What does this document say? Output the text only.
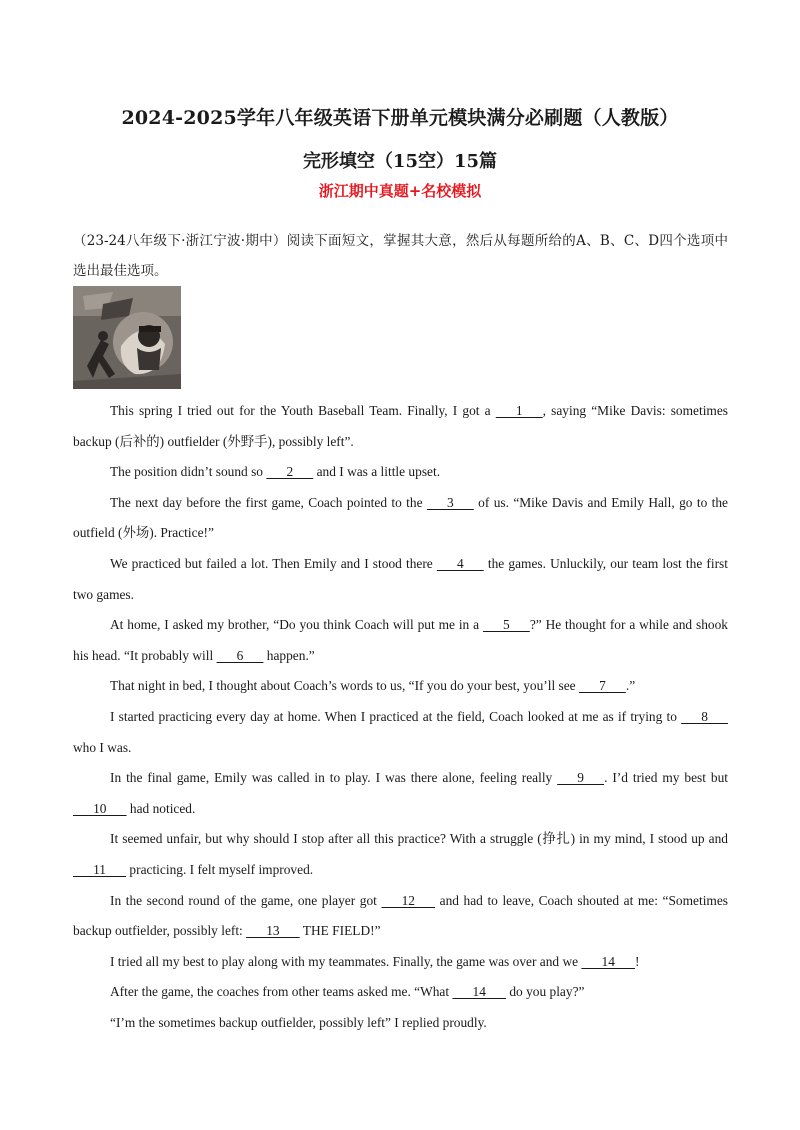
2024-2025学年八年级英语下册单元模块满分必刷题（人教版）
完形填空（15空）15篇
浙江期中真题+名校模拟
（23-24八年级下·浙江宁波·期中）阅读下面短文，掌握其大意，然后从每题所给的A、B、C、D四个选项中选出最佳选项。

This spring I tried out for the Youth Baseball Team. Finally, I got a       1      , saying “Mike Davis: sometimes backup (后补的) outfielder (外野手), possibly left”.

The position didn’t sound so       2       and I was a little upset.

The next day before the first game, Coach pointed to the       3       of us. “Mike Davis and Emily Hall, go to the outfield (外场). Practice!”

We practiced but failed a lot. Then Emily and I stood there       4       the games. Unluckily, our team lost the first two games.

At home, I asked my brother, “Do you think Coach will put me in a       5      ?” He thought for a while and shook his head. “It probably will       6       happen.”

That night in bed, I thought about Coach’s words to us, “If you do your best, you’ll see       7      .”

I started practicing every day at home. When I practiced at the field, Coach looked at me as if trying to       8       who I was.

In the final game, Emily was called in to play. I was there alone, feeling really       9      . I’d tried my best but       10       had noticed.

It seemed unfair, but why should I stop after all this practice? With a struggle (挣扎) in my mind, I stood up and       11       practicing. I felt myself improved.

In the second round of the game, one player got       12       and had to leave, Coach shouted at me: “Sometimes backup outfielder, possibly left:       13       THE FIELD!”

I tried all my best to play along with my teammates. Finally, the game was over and we       14      !

After the game, the coaches from other teams asked me. “What       14       do you play?”

“I’m the sometimes backup outfielder, possibly left” I replied proudly.
